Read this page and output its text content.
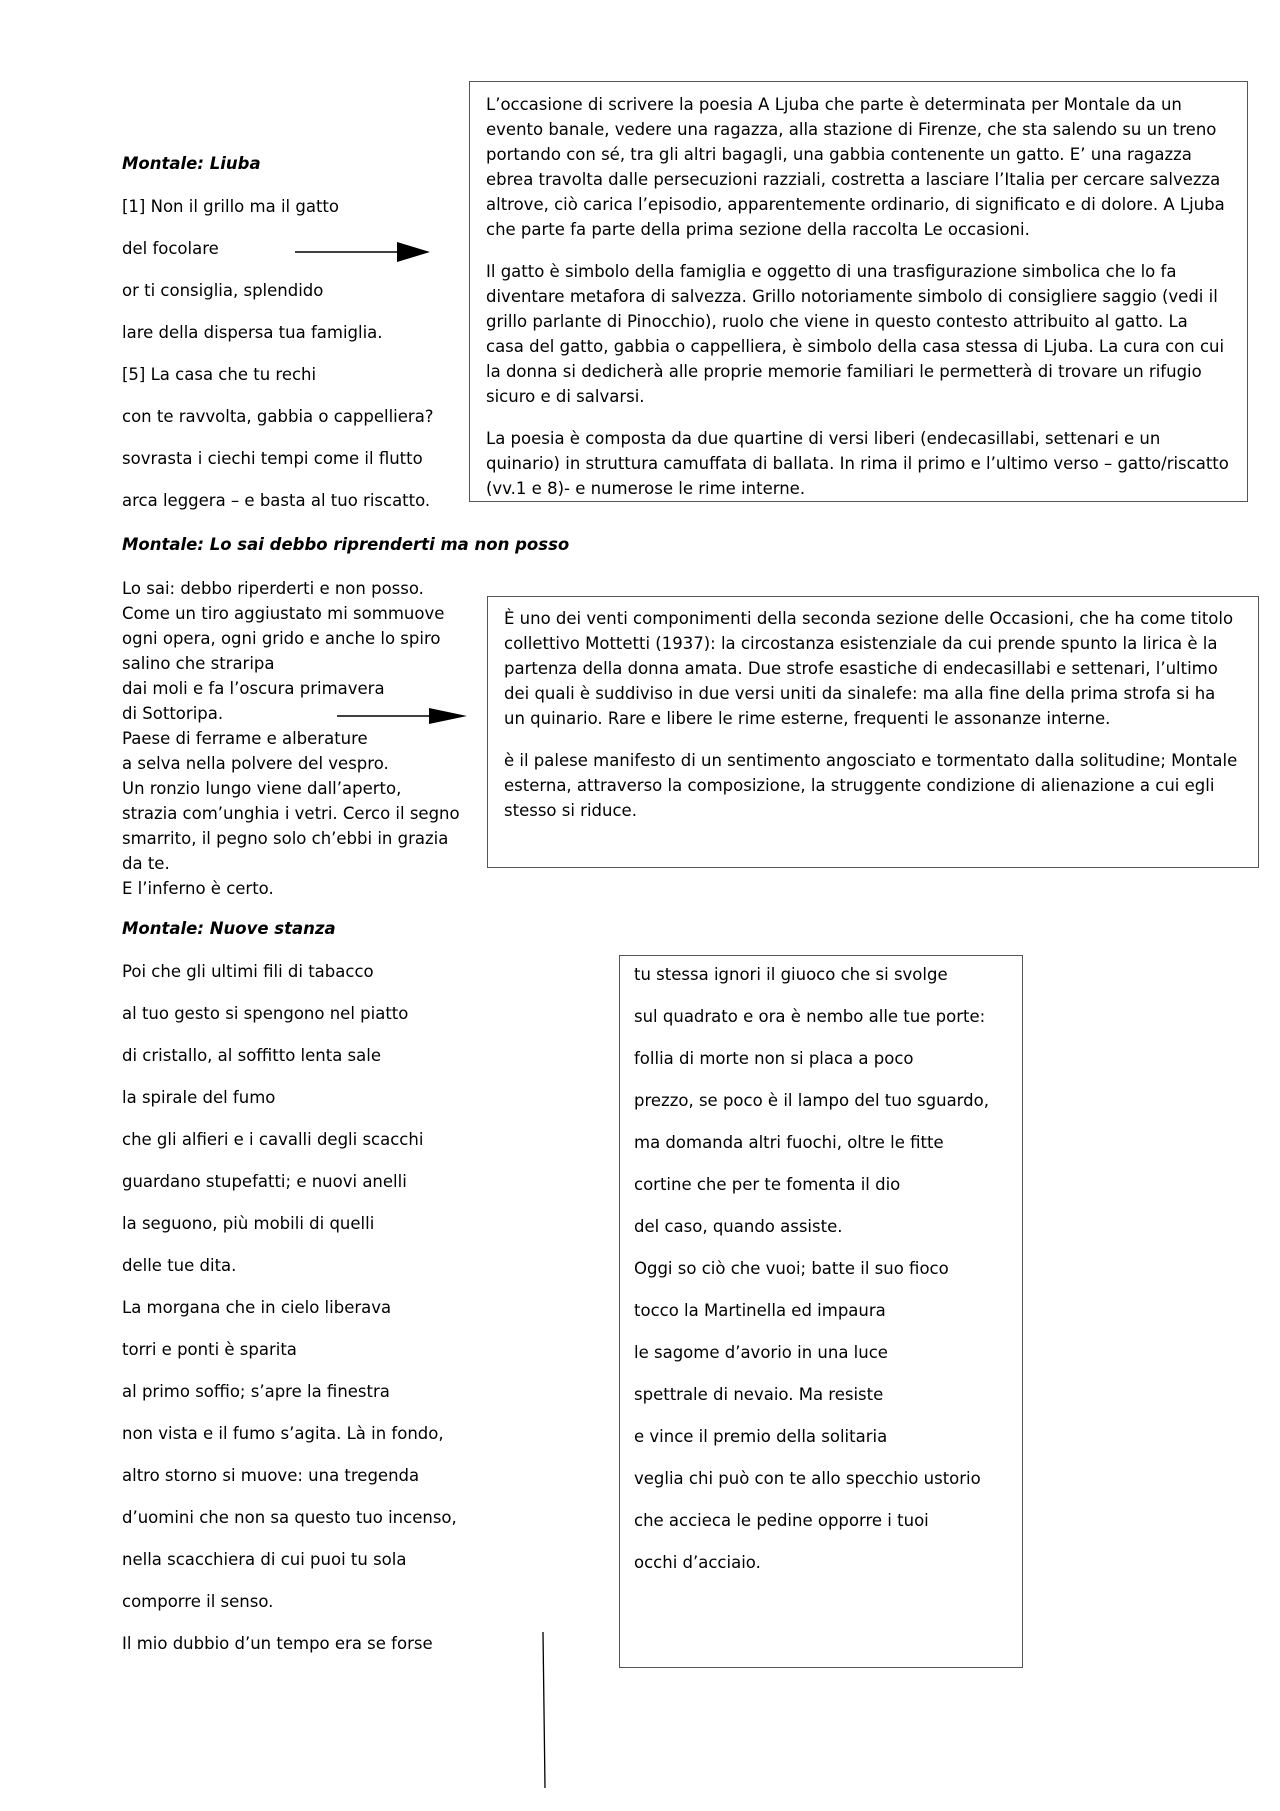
Montale: Liuba
[1] Non il grillo ma il gatto
del focolare
or ti consiglia, splendido
lare della dispersa tua famiglia.
[5] La casa che tu rechi
con te ravvolta, gabbia o cappelliera?
sovrasta i ciechi tempi come il flutto
arca leggera – e basta al tuo riscatto.

L’occasione di scrivere la poesia A Ljuba che parte è determinata per Montale da un evento banale, vedere una ragazza, alla stazione di Firenze, che sta salendo su un treno portando con sé, tra gli altri bagagli, una gabbia contenente un gatto. E’ una ragazza ebrea travolta dalle persecuzioni razziali, costretta a lasciare l’Italia per cercare salvezza altrove, ciò carica l’episodio, apparentemente ordinario, di significato e di dolore. A Ljuba che parte fa parte della prima sezione della raccolta Le occasioni.

Il gatto è simbolo della famiglia e oggetto di una trasfigurazione simbolica che lo fa diventare metafora di salvezza. Grillo notoriamente simbolo di consigliere saggio (vedi il grillo parlante di Pinocchio), ruolo che viene in questo contesto attribuito al gatto. La casa del gatto, gabbia o cappelliera, è simbolo della casa stessa di Ljuba. La cura con cui la donna si dedicherà alle proprie memorie familiari le permetterà di trovare un rifugio sicuro e di salvarsi.

La poesia è composta da due quartine di versi liberi (endecasillabi, settenari e un quinario) in struttura camuffata di ballata. In rima il primo e l’ultimo verso – gatto/riscatto (vv.1 e 8)- e numerose le rime interne.

Montale: Lo sai debbo riprenderti ma non posso
Lo sai: debbo riperderti e non posso.
Come un tiro aggiustato mi sommuove
ogni opera, ogni grido e anche lo spiro
salino che straripa
dai moli e fa l’oscura primavera
di Sottoripa.
Paese di ferrame e alberature
a selva nella polvere del vespro.
Un ronzio lungo viene dall’aperto,
strazia com’unghia i vetri. Cerco il segno
smarrito, il pegno solo ch’ebbi in grazia
da te.
E l’inferno è certo.

È uno dei venti componimenti della seconda sezione delle Occasioni, che ha come titolo collettivo Mottetti (1937): la circostanza esistenziale da cui prende spunto la lirica è la partenza della donna amata. Due strofe esastiche di endecasillabi e settenari, l’ultimo dei quali è suddiviso in due versi uniti da sinalefe: ma alla fine della prima strofa si ha un quinario. Rare e libere le rime esterne, frequenti le assonanze interne.

è il palese manifesto di un sentimento angosciato e tormentato dalla solitudine; Montale esterna, attraverso la composizione, la struggente condizione di alienazione a cui egli stesso si riduce.

Montale: Nuove stanza
Poi che gli ultimi fili di tabacco
al tuo gesto si spengono nel piatto
di cristallo, al soffitto lenta sale
la spirale del fumo
che gli alfieri e i cavalli degli scacchi
guardano stupefatti; e nuovi anelli
la seguono, più mobili di quelli
delle tue dita.
La morgana che in cielo liberava
torri e ponti è sparita
al primo soffio; s’apre la finestra
non vista e il fumo s’agita. Là in fondo,
altro storno si muove: una tregenda
d’uomini che non sa questo tuo incenso,
nella scacchiera di cui puoi tu sola
comporre il senso.
Il mio dubbio d’un tempo era se forse
tu stessa ignori il giuoco che si svolge
sul quadrato e ora è nembo alle tue porte:
follia di morte non si placa a poco
prezzo, se poco è il lampo del tuo sguardo,
ma domanda altri fuochi, oltre le fitte
cortine che per te fomenta il dio
del caso, quando assiste.
Oggi so ciò che vuoi; batte il suo fioco
tocco la Martinella ed impaura
le sagome d’avorio in una luce
spettrale di nevaio. Ma resiste
e vince il premio della solitaria
veglia chi può con te allo specchio ustorio
che accieca le pedine opporre i tuoi
occhi d’acciaio.
